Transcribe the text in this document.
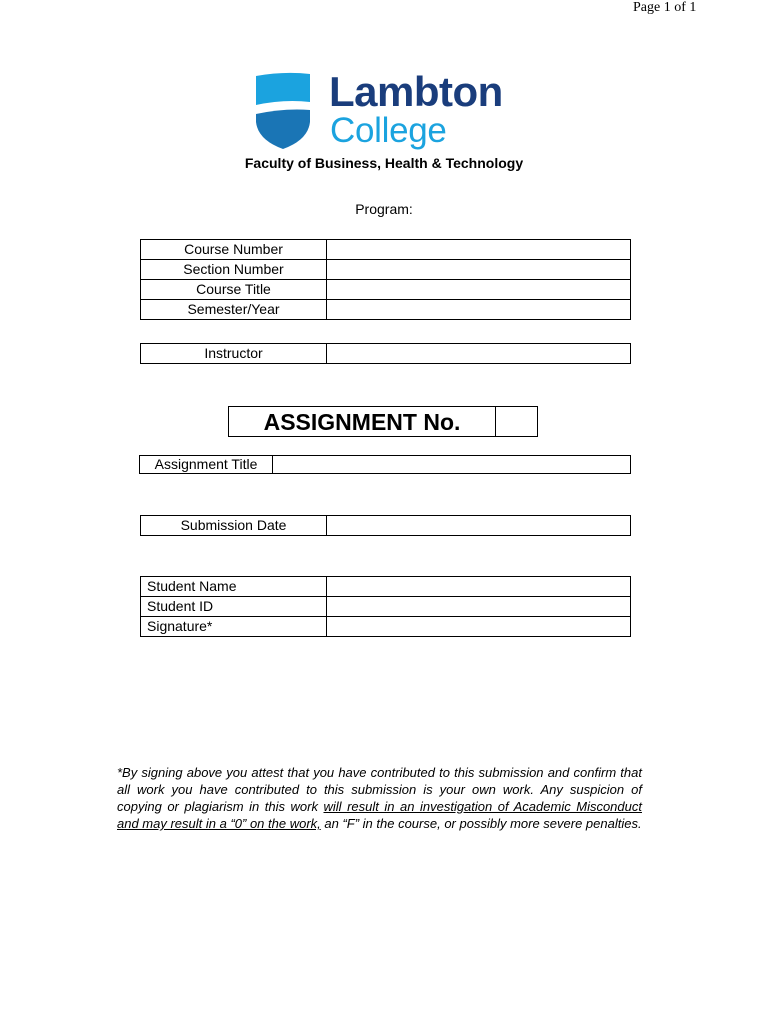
Page 1 of 1
Lambton
College
Faculty of Business, Health & Technology
Program:
Course Number	
Section Number	
Course Title	
Semester/Year	
Instructor	
ASSIGNMENT No.
Assignment Title	
Submission Date	
Student Name	
Student ID	
Signature*	
*By signing above you attest that you have contributed to this submission and confirm that all work you have contributed to this submission is your own work. Any suspicion of copying or plagiarism in this work will result in an investigation of Academic Misconduct and may result in a “0” on the work, an “F” in the course, or possibly more severe penalties.
